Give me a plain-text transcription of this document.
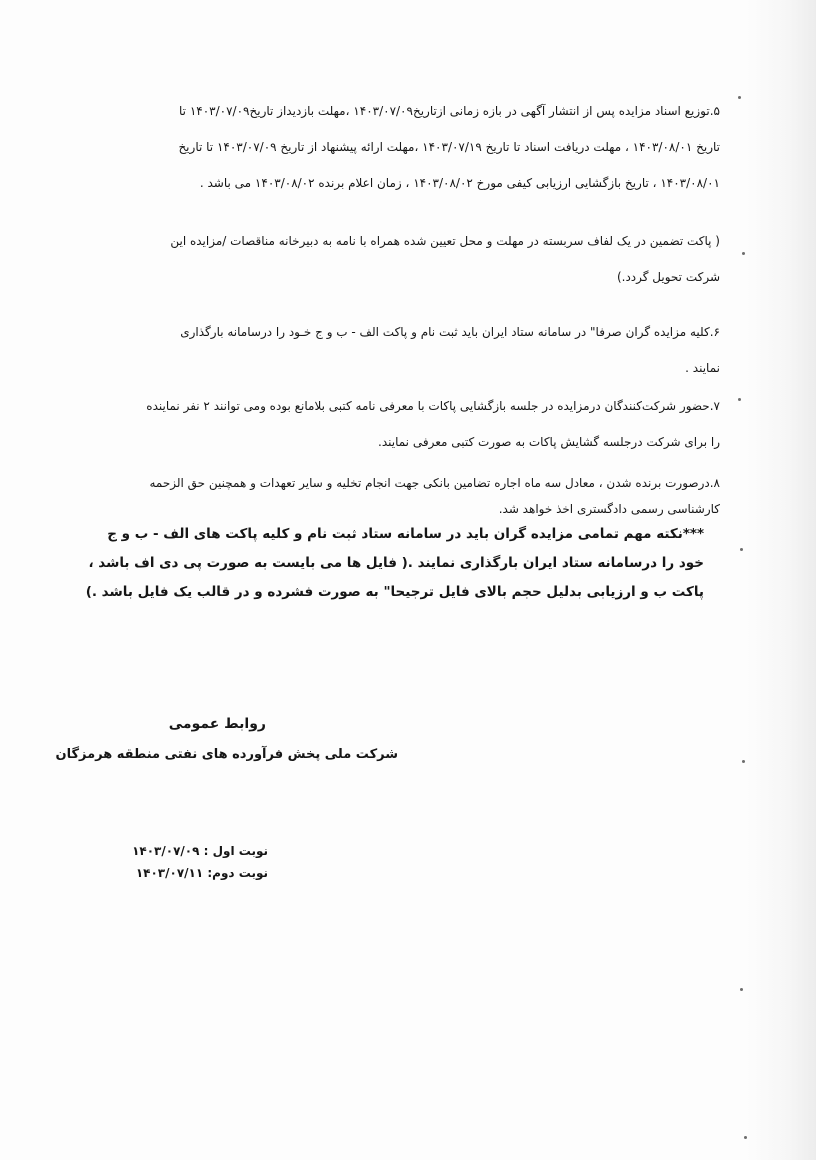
۵.توزیع اسناد مزایده پس از انتشار آگهی در بازه زمانی ازتاریخ۱۴۰۳/۰۷/۰۹ ،مهلت بازدیداز تاریخ۱۴۰۳/۰۷/۰۹ تا
تاریخ ۱۴۰۳/۰۸/۰۱ ، مهلت دریافت اسناد تا تاریخ ۱۴۰۳/۰۷/۱۹ ،مهلت ارائه پیشنهاد از تاریخ ۱۴۰۳/۰۷/۰۹ تا تاریخ
۱۴۰۳/۰۸/۰۱ ، تاریخ بازگشایی ارزیابی کیفی مورخ ۱۴۰۳/۰۸/۰۲ ، زمان اعلام برنده ۱۴۰۳/۰۸/۰۲ می باشد .
( پاکت تضمین در یک لفاف سربسته در مهلت و محل تعیین شده همراه با نامه به دبیرخانه مناقصات /مزایده این
شرکت تحویل گردد.)
۶.کلیه مزایده گران صرفا" در سامانه ستاد ایران باید ثبت نام و پاکت الف - ب و ج خـود را درسامانه بارگذاری
نمایند .
۷.حضور شرکت‌کنندگان درمزایده در جلسه بازگشایی پاکات با معرفی نامه کتبی بلامانع بوده ومی توانند ۲ نفر نماینده
را برای شرکت درجلسه گشایش پاکات به صورت کتبی معرفی نمایند.
۸.درصورت برنده شدن ، معادل سه ماه اجاره تضامین بانکی جهت انجام تخلیه و سایر تعهدات و همچنین حق الزحمه
کارشناسی رسمی دادگستری اخذ خواهد شد.
***نکته مهم تمامی مزایده گران باید در سامانه ستاد ثبت نام و کلیه پاکت های الف - ب و ج
خود را درسامانه ستاد ایران بارگذاری نمایند .( فایل ها می بایست به صورت پی دی اف باشد ،
پاکت ب و ارزیابی بدلیل حجم بالای فایل ترجیحا" به صورت فشرده و در قالب یک فایل باشد .)
روابط عمومی
شرکت ملی پخش فرآورده های نفتی منطقه هرمزگان
نوبت اول : ۱۴۰۳/۰۷/۰۹
نوبت دوم: ۱۴۰۳/۰۷/۱۱
